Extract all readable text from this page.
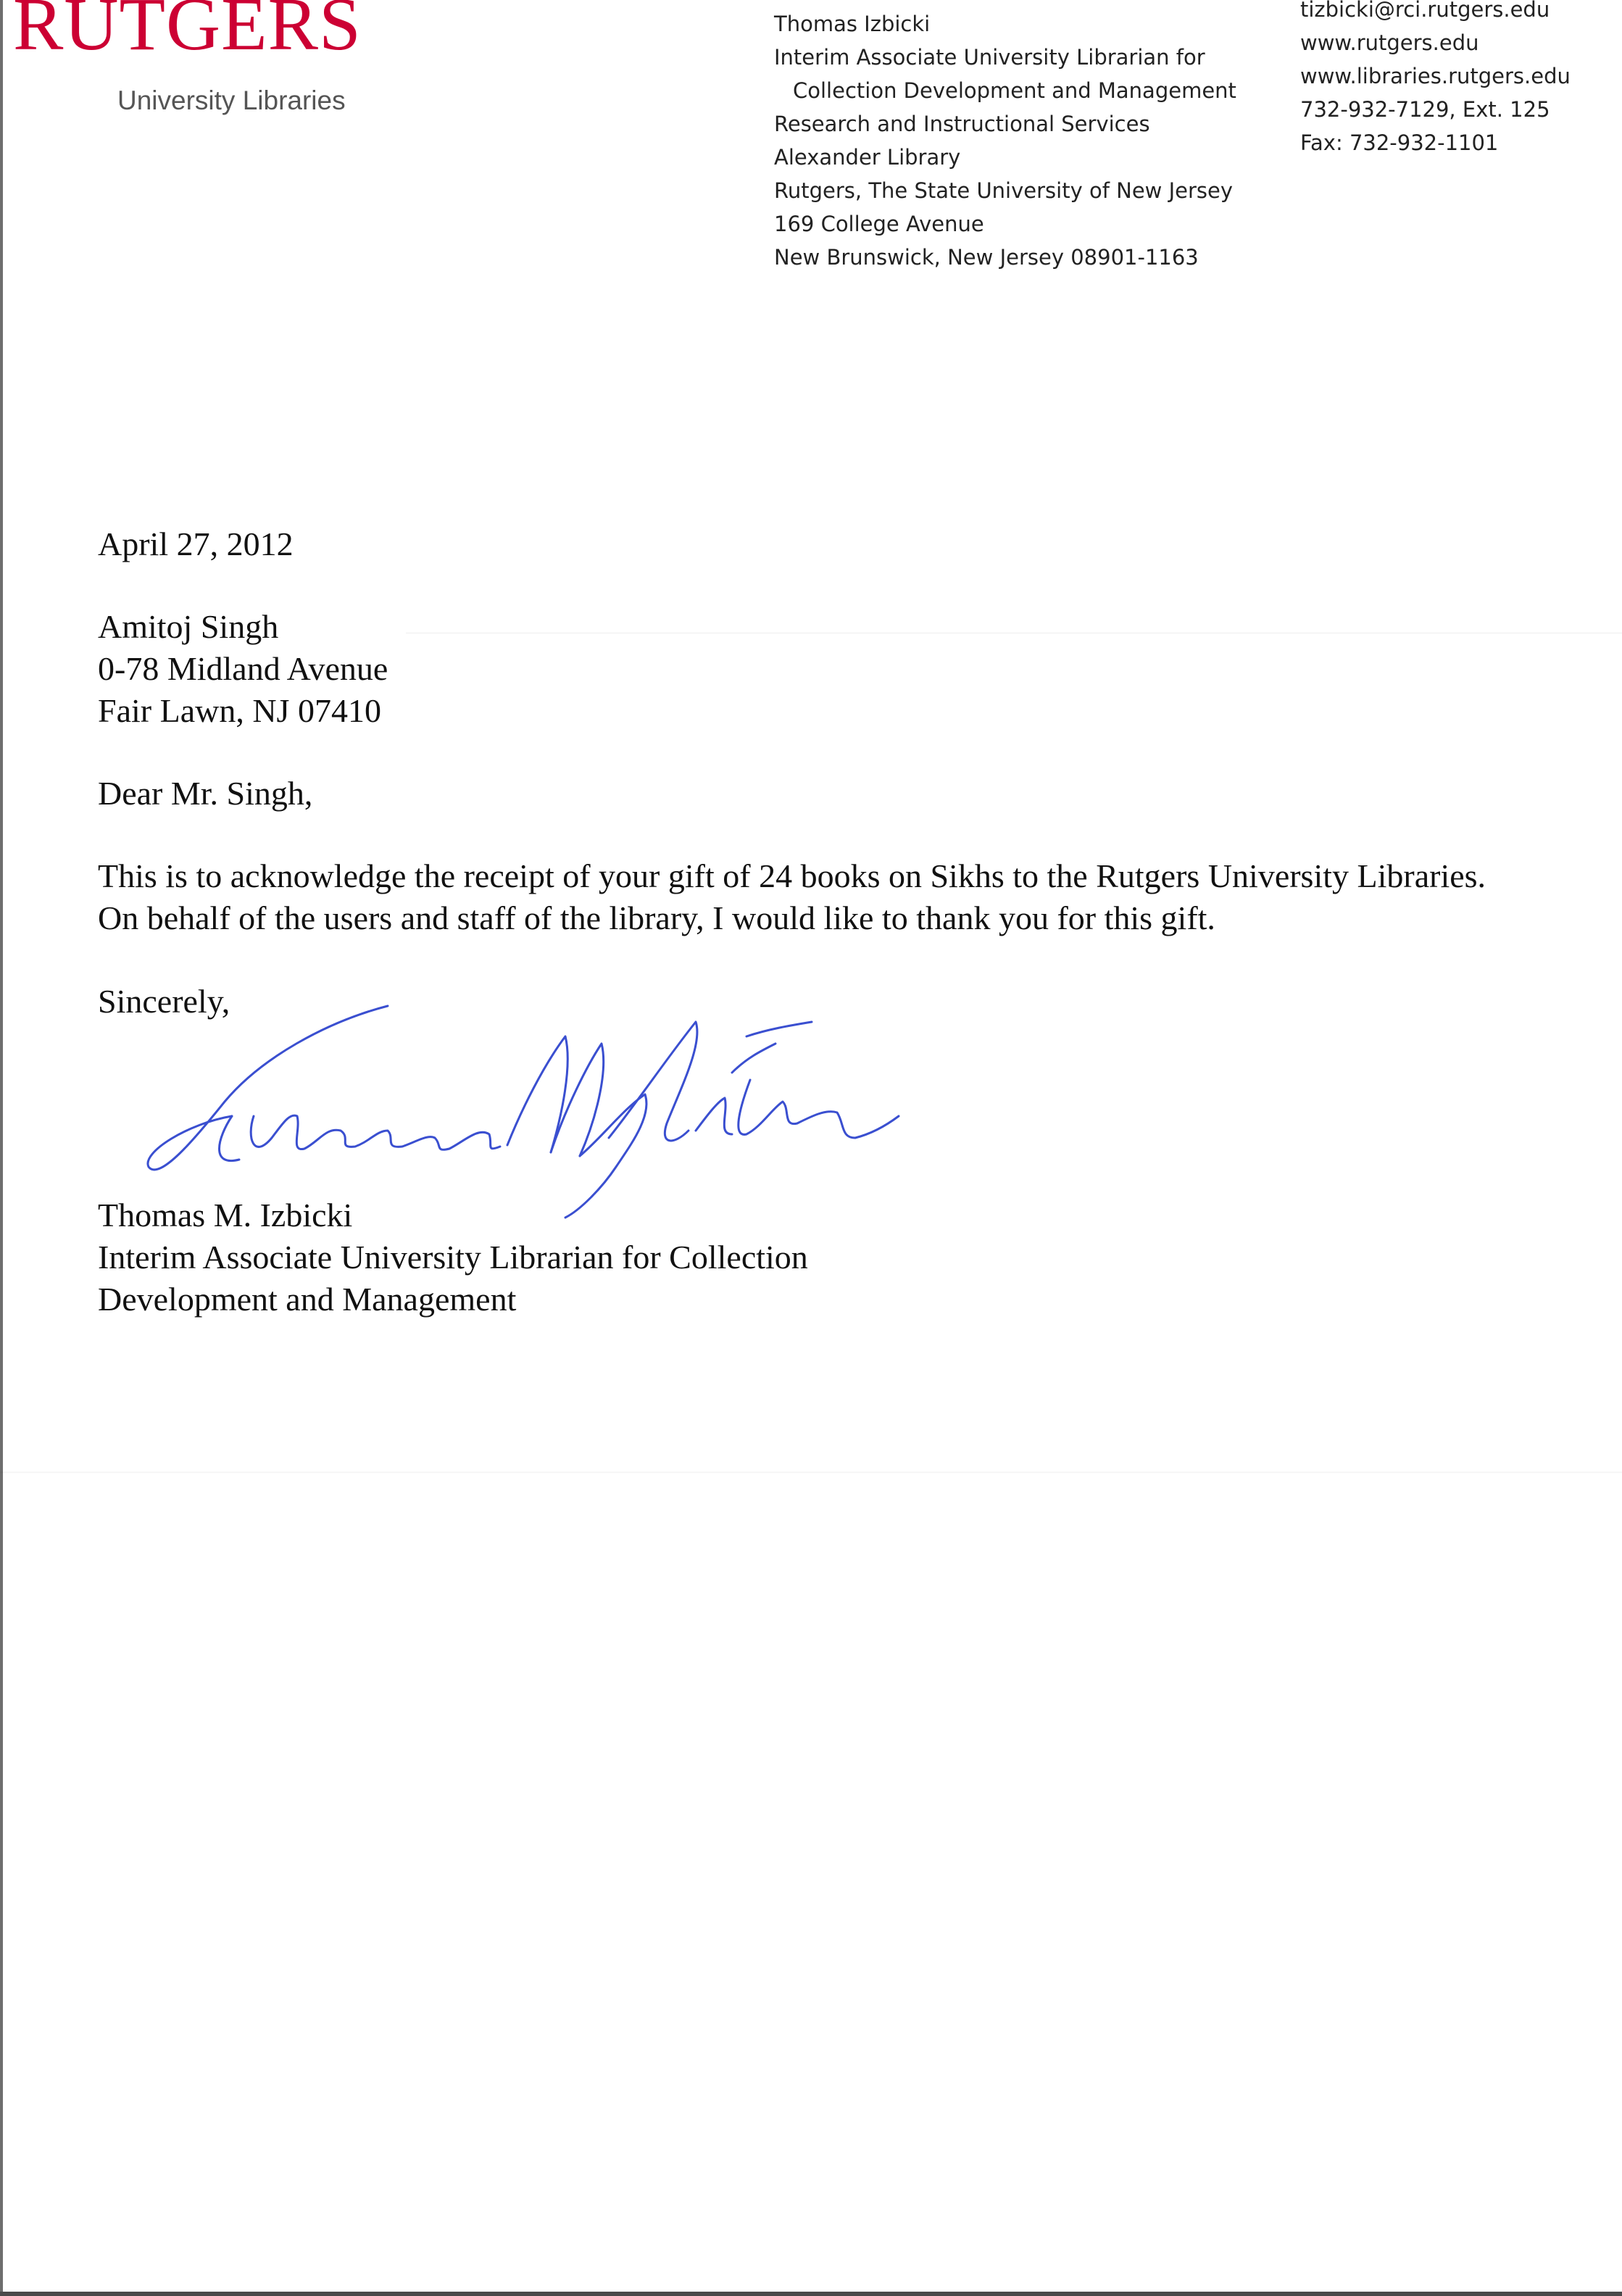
RUTGERS
University Libraries
Thomas Izbicki
Interim Associate University Librarian for
Collection Development and Management
Research and Instructional Services
Alexander Library
Rutgers, The State University of New Jersey
169 College Avenue
New Brunswick, New Jersey 08901-1163
tizbicki@rci.rutgers.edu
www.rutgers.edu
www.libraries.rutgers.edu
732-932-7129, Ext. 125
Fax: 732-932-1101
April 27, 2012
Amitoj Singh
0-78 Midland Avenue
Fair Lawn, NJ 07410
Dear Mr. Singh,
This is to acknowledge the receipt of your gift of 24 books on Sikhs to the Rutgers University Libraries.
On behalf of the users and staff of the library, I would like to thank you for this gift.
Sincerely,
Thomas M. Izbicki
Interim Associate University Librarian for Collection
Development and Management
